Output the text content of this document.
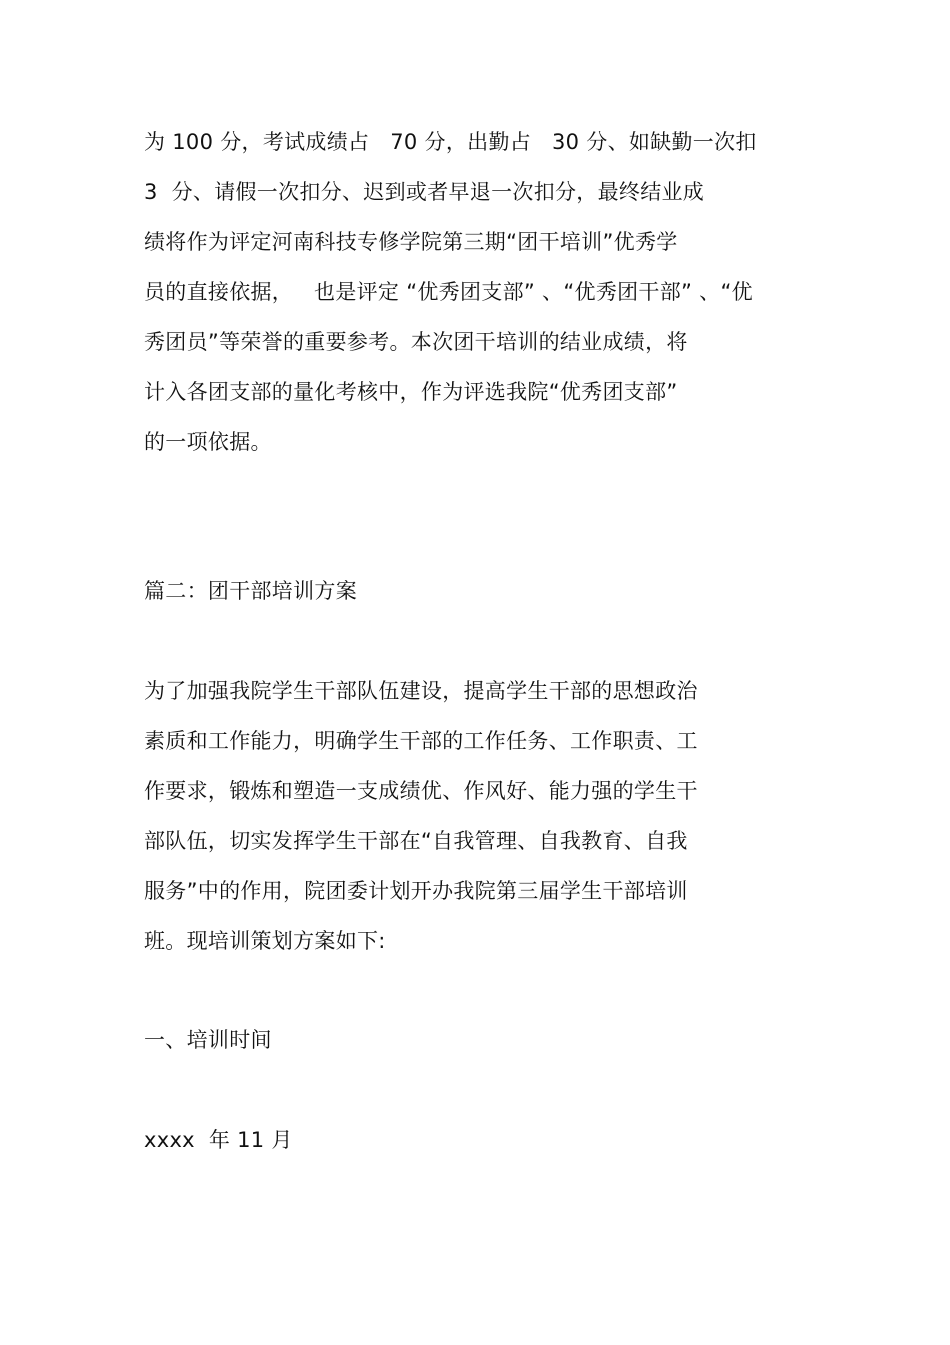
为 100 分，考试成绩占   70 分，出勤占   30 分、如缺勤一次扣
3  分、请假一次扣分、迟到或者早退一次扣分，最终结业成
绩将作为评定河南科技专修学院第三期“团干培训”优秀学
员的直接依据，   也是评定 “优秀团支部” 、“优秀团干部” 、“优
秀团员”等荣誉的重要参考。本次团干培训的结业成绩，将
计入各团支部的量化考核中，作为评选我院“优秀团支部”
的一项依据。
篇二：团干部培训方案
为了加强我院学生干部队伍建设，提高学生干部的思想政治
素质和工作能力，明确学生干部的工作任务、工作职责、工
作要求，锻炼和塑造一支成绩优、作风好、能力强的学生干
部队伍，切实发挥学生干部在“自我管理、自我教育、自我
服务”中的作用，院团委计划开办我院第三届学生干部培训
班。现培训策划方案如下:
一、培训时间
xxxx  年 11 月
